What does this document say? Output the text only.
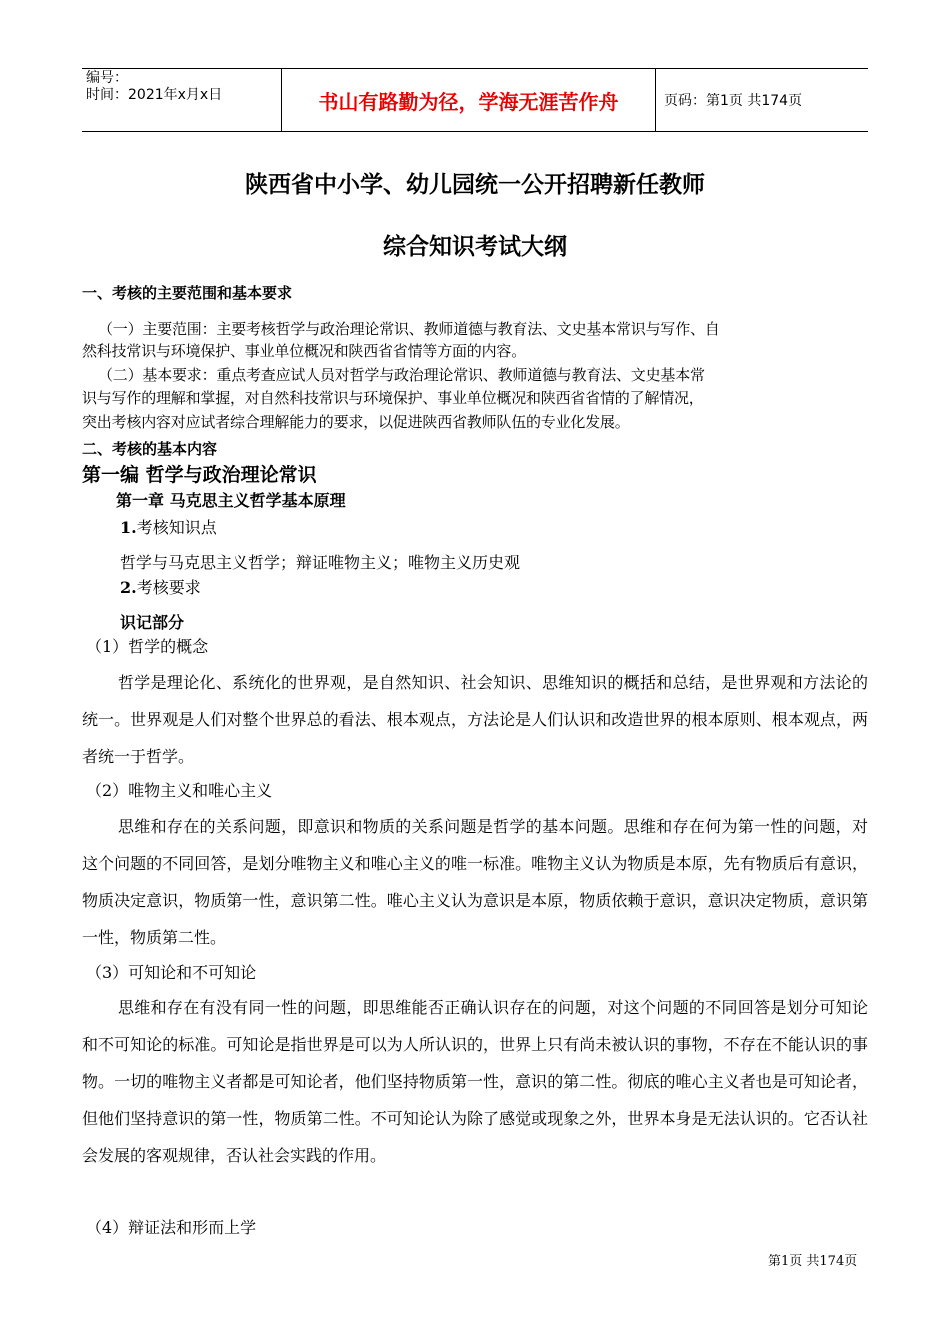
编号：
时间：2021年x月x日	书山有路勤为径，学海无涯苦作舟	页码：第1页 共174页
陕西省中小学、幼儿园统一公开招聘新任教师
综合知识考试大纲
一、考核的主要范围和基本要求
（一）主要范围：主要考核哲学与政治理论常识、教师道德与教育法、文史基本常识与写作、自
然科技常识与环境保护、事业单位概况和陕西省省情等方面的内容。
（二）基本要求：重点考查应试人员对哲学与政治理论常识、教师道德与教育法、文史基本常
识与写作的理解和掌握，对自然科技常识与环境保护、事业单位概况和陕西省省情的了解情况，
突出考核内容对应试者综合理解能力的要求，以促进陕西省教师队伍的专业化发展。
二、考核的基本内容
第一编 哲学与政治理论常识
第一章 马克思主义哲学基本原理
1.考核知识点
哲学与马克思主义哲学；辩证唯物主义；唯物主义历史观
2.考核要求
识记部分
（1）哲学的概念
哲学是理论化、系统化的世界观，是自然知识、社会知识、思维知识的概括和总结，是世界观和方法论的统一。世界观是人们对整个世界总的看法、根本观点，方法论是人们认识和改造世界的根本原则、根本观点，两者统一于哲学。
（2）唯物主义和唯心主义
思维和存在的关系问题，即意识和物质的关系问题是哲学的基本问题。思维和存在何为第一性的问题，对这个问题的不同回答，是划分唯物主义和唯心主义的唯一标准。唯物主义认为物质是本原，先有物质后有意识，物质决定意识，物质第一性，意识第二性。唯心主义认为意识是本原，物质依赖于意识，意识决定物质，意识第一性，物质第二性。
（3）可知论和不可知论
思维和存在有没有同一性的问题，即思维能否正确认识存在的问题，对这个问题的不同回答是划分可知论和不可知论的标准。可知论是指世界是可以为人所认识的，世界上只有尚未被认识的事物，不存在不能认识的事物。一切的唯物主义者都是可知论者，他们坚持物质第一性，意识的第二性。彻底的唯心主义者也是可知论者，但他们坚持意识的第一性，物质第二性。不可知论认为除了感觉或现象之外，世界本身是无法认识的。它否认社会发展的客观规律，否认社会实践的作用。
（4）辩证法和形而上学
第1页 共174页
